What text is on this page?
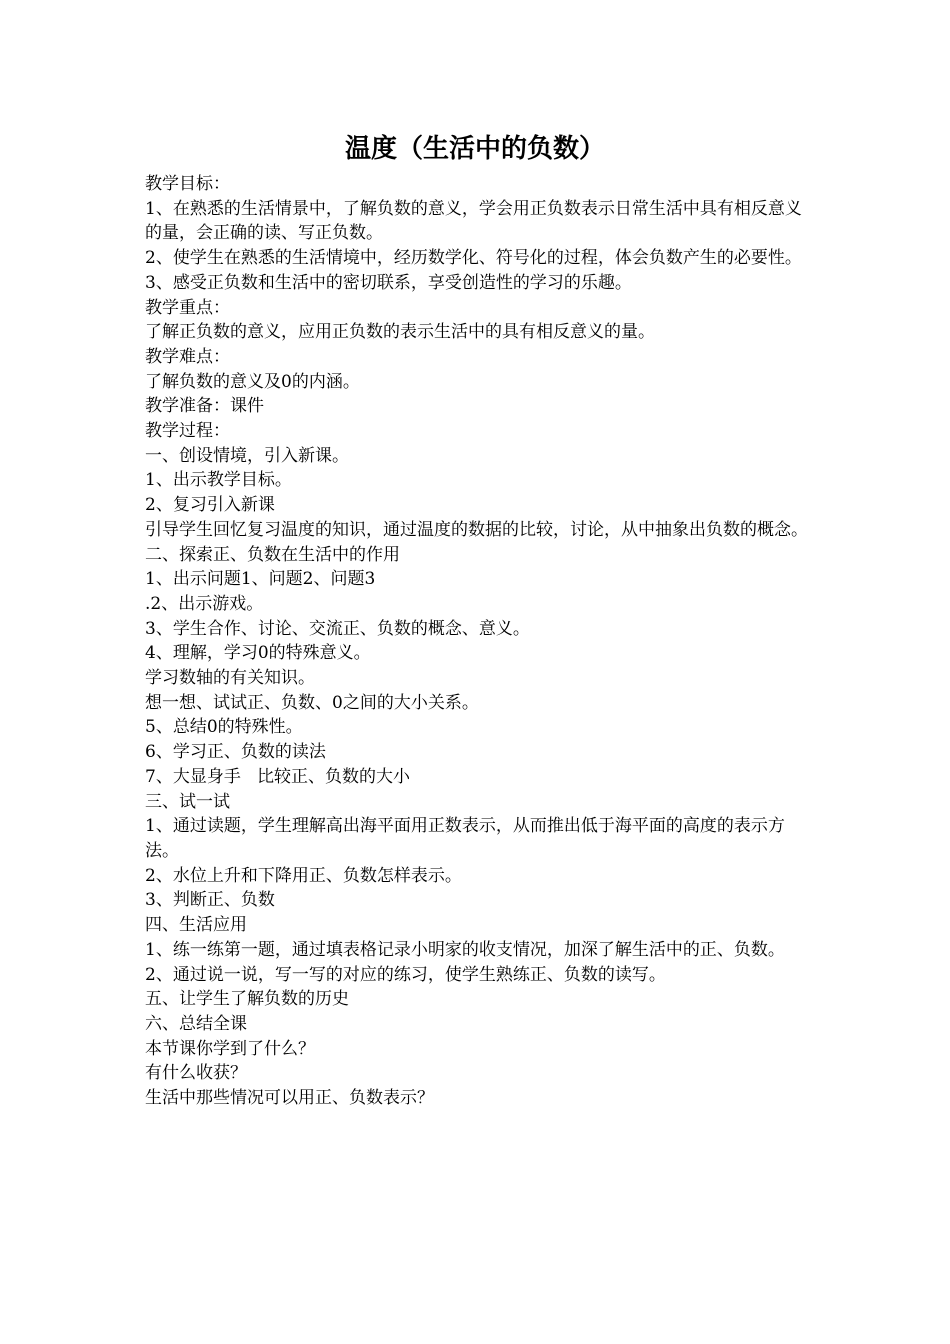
温度（生活中的负数）

教学目标：

1、在熟悉的生活情景中，了解负数的意义，学会用正负数表示日常生活中具有相反意义的量，会正确的读、写正负数。

2、使学生在熟悉的生活情境中，经历数学化、符号化的过程，体会负数产生的必要性。

3、感受正负数和生活中的密切联系，享受创造性的学习的乐趣。

教学重点：

了解正负数的意义，应用正负数的表示生活中的具有相反意义的量。

教学难点：

了解负数的意义及0的内涵。

教学准备：课件

教学过程：

一、创设情境，引入新课。

1、出示教学目标。

2、复习引入新课

引导学生回忆复习温度的知识，通过温度的数据的比较，讨论，从中抽象出负数的概念。

二、探索正、负数在生活中的作用

1、出示问题1、问题2、问题3

.2、出示游戏。

3、学生合作、讨论、交流正、负数的概念、意义。

4、理解，学习0的特殊意义。

学习数轴的有关知识。

想一想、试试正、负数、0之间的大小关系。

5、总结0的特殊性。

6、学习正、负数的读法

7、大显身手   比较正、负数的大小

三、试一试

1、通过读题，学生理解高出海平面用正数表示，从而推出低于海平面的高度的表示方法。

2、水位上升和下降用正、负数怎样表示。

3、判断正、负数

四、生活应用

1、练一练第一题，通过填表格记录小明家的收支情况，加深了解生活中的正、负数。

2、通过说一说，写一写的对应的练习，使学生熟练正、负数的读写。

五、让学生了解负数的历史

六、总结全课

本节课你学到了什么？

有什么收获？

生活中那些情况可以用正、负数表示？
